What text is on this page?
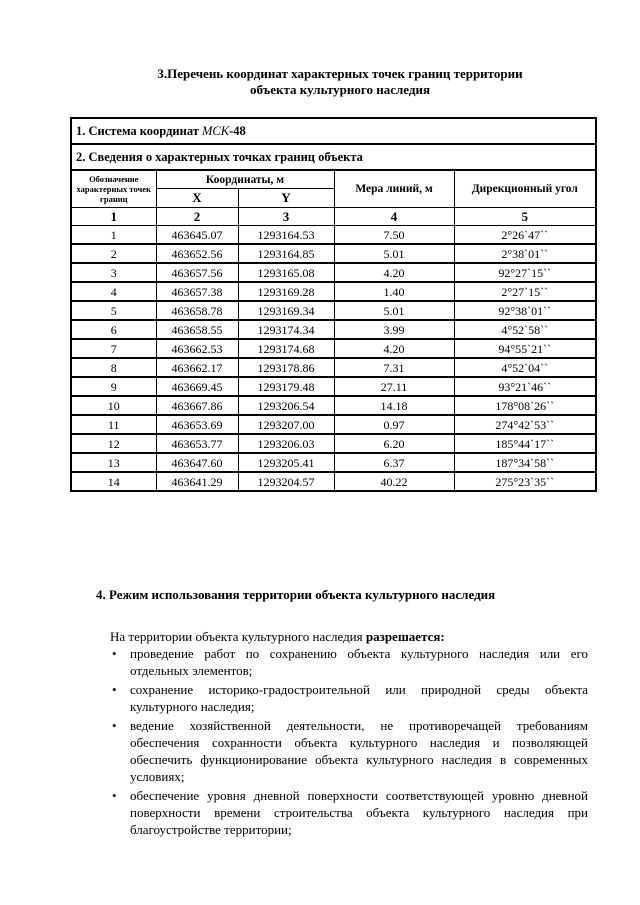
3.Перечень координат характерных точек границ территории
объекта культурного наследия
1. Система координат МСК-48				
2. Сведения о характерных точках границ объекта				
Обозначение характерных точек границ	Координаты, м		Мера линий, м	Дирекционный угол
	X	Y		
1	2	3	4	5
1	463645.07	1293164.53	7.50	2°26`47``
2	463652.56	1293164.85	5.01	2°38`01``
3	463657.56	1293165.08	4.20	92°27`15``
4	463657.38	1293169.28	1.40	2°27`15``
5	463658.78	1293169.34	5.01	92°38`01``
6	463658.55	1293174.34	3.99	4°52`58``
7	463662.53	1293174.68	4.20	94°55`21``
8	463662.17	1293178.86	7.31	4°52`04``
9	463669.45	1293179.48	27.11	93°21`46``
10	463667.86	1293206.54	14.18	178°08`26``
11	463653.69	1293207.00	0.97	274°42`53``
12	463653.77	1293206.03	6.20	185°44`17``
13	463647.60	1293205.41	6.37	187°34`58``
14	463641.29	1293204.57	40.22	275°23`35``
4. Режим использования территории объекта культурного наследия
На территории объекта культурного наследия разрешается:
• проведение работ по сохранению объекта культурного наследия или его отдельных элементов;
• сохранение историко-градостроительной или природной среды объекта культурного наследия;
• ведение хозяйственной деятельности, не противоречащей требованиям обеспечения сохранности объекта культурного наследия и позволяющей обеспечить функционирование объекта культурного наследия в современных условиях;
• обеспечение уровня дневной поверхности соответствующей уровню дневной поверхности времени строительства объекта культурного наследия при благоустройстве территории;
